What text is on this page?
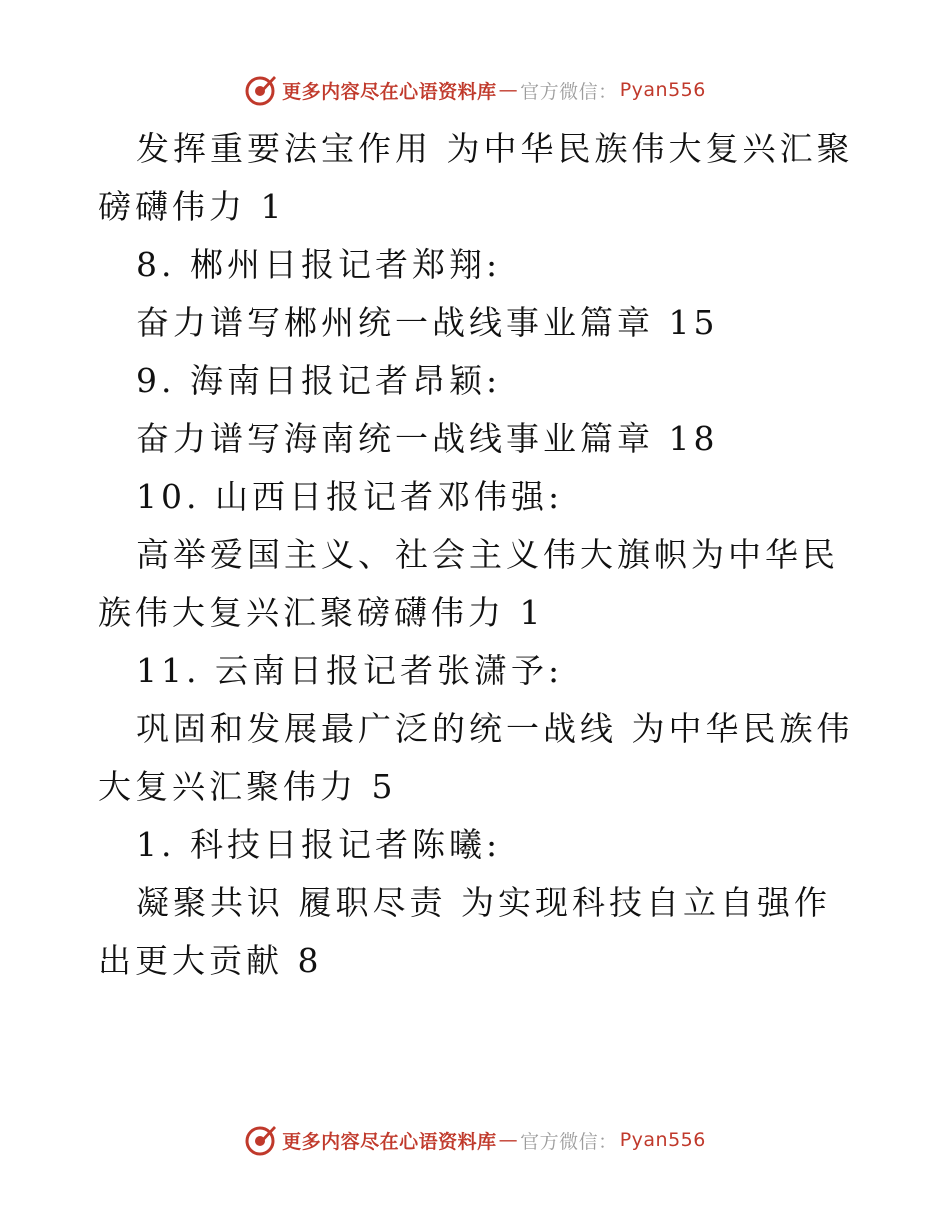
更多内容尽在心语资料库 — 官方微信： Pyan556

发挥重要法宝作用 为中华民族伟大复兴汇聚磅礴伟力 1

8. 郴州日报记者郑翔:

奋力谱写郴州统一战线事业篇章 15

9. 海南日报记者昂颖:

奋力谱写海南统一战线事业篇章 18

10. 山西日报记者邓伟强:

高举爱国主义、社会主义伟大旗帜为中华民族伟大复兴汇聚磅礴伟力 1

11. 云南日报记者张潇予:

巩固和发展最广泛的统一战线 为中华民族伟大复兴汇聚伟力 5

1. 科技日报记者陈曦:

凝聚共识 履职尽责 为实现科技自立自强作出更大贡献 8

更多内容尽在心语资料库 — 官方微信： Pyan556
